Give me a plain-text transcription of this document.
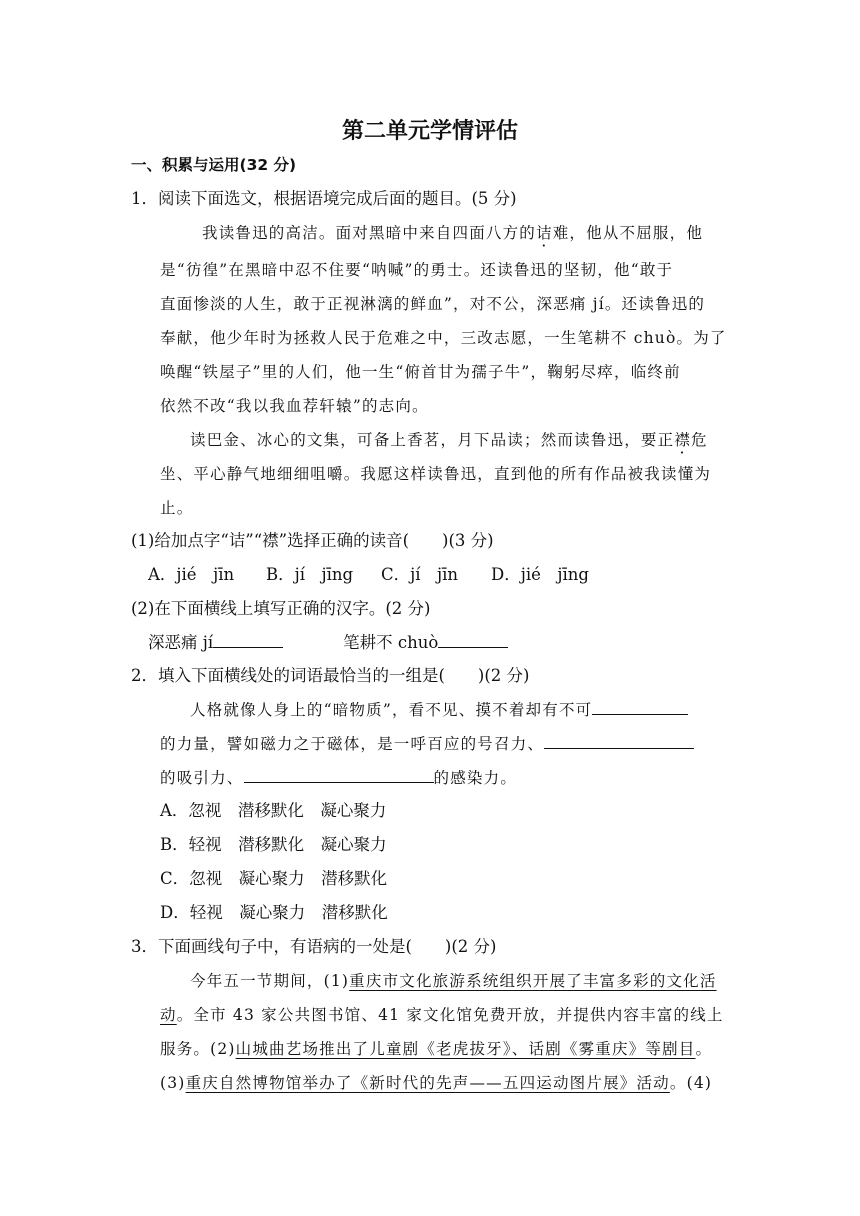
第二单元学情评估
一、积累与运用(32 分)
1．阅读下面选文，根据语境完成后面的题目。(5 分)
我读鲁迅的高洁。面对黑暗中来自四面八方的诘难，他从不屈服，他
是“彷徨”在黑暗中忍不住要“呐喊”的勇士。还读鲁迅的坚韧，他“敢于
直面惨淡的人生，敢于正视淋漓的鲜血”，对不公，深恶痛 jí。还读鲁迅的
奉献，他少年时为拯救人民于危难之中，三改志愿，一生笔耕不 chuò。为了
唤醒“铁屋子”里的人们，他一生“俯首甘为孺子牛”，鞠躬尽瘁，临终前
依然不改“我以我血荐轩辕”的志向。
读巴金、冰心的文集，可备上香茗，月下品读；然而读鲁迅，要正襟危
坐、平心静气地细细咀嚼。我愿这样读鲁迅，直到他的所有作品被我读懂为
止。
(1)给加点字“诘”“襟”选择正确的读音(　　)(3 分)
A．jié　jīn B．jí　jīng C．jí　jīn D．jié　jīng
(2)在下面横线上填写正确的汉字。(2 分)
深恶痛 jí	笔耕不 chuò
2．填入下面横线处的词语最恰当的一组是(　　)(2 分)
人格就像人身上的“暗物质”，看不见、摸不着却有不可
的力量，譬如磁力之于磁体，是一呼百应的号召力、
的吸引力、	的感染力。
A．忽视　潜移默化　凝心聚力
B．轻视　潜移默化　凝心聚力
C．忽视　凝心聚力　潜移默化
D．轻视　凝心聚力　潜移默化
3．下面画线句子中，有语病的一处是(　　)(2 分)
今年五一节期间，(1)重庆市文化旅游系统组织开展了丰富多彩的文化活
动。全市 43 家公共图书馆、41 家文化馆免费开放，并提供内容丰富的线上
服务。(2)山城曲艺场推出了儿童剧《老虎拔牙》、话剧《雾重庆》等剧目。
(3)重庆自然博物馆举办了《新时代的先声——五四运动图片展》活动。(4)
